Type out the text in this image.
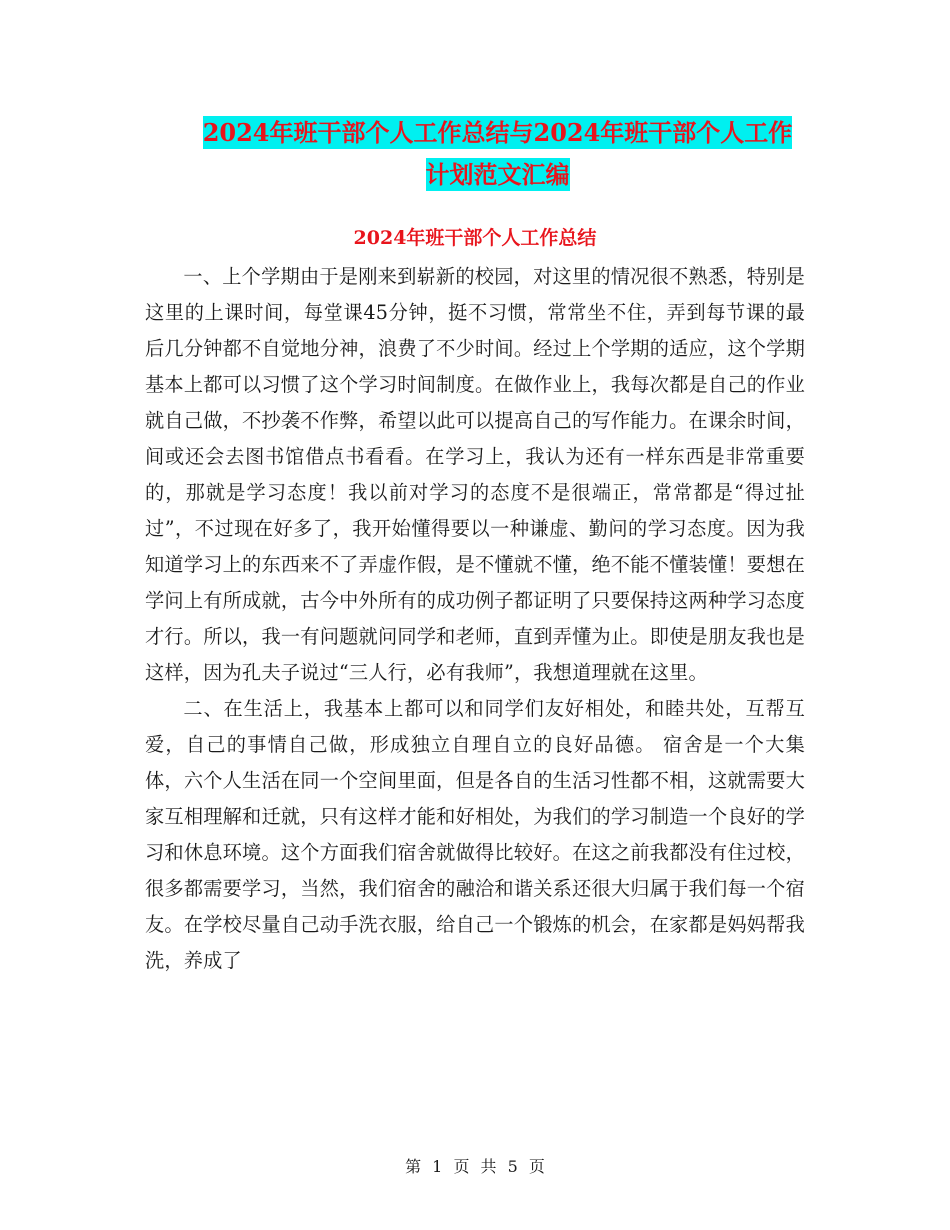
2024年班干部个人工作总结与2024年班干部个人工作
计划范文汇编
2024年班干部个人工作总结

一、上个学期由于是刚来到崭新的校园，对这里的情况很不熟悉，特别是这里的上课时间，每堂课45分钟，挺不习惯，常常坐不住，弄到每节课的最后几分钟都不自觉地分神，浪费了不少时间。经过上个学期的适应，这个学期基本上都可以习惯了这个学习时间制度。在做作业上，我每次都是自己的作业就自己做，不抄袭不作弊，希望以此可以提高自己的写作能力。在课余时间，间或还会去图书馆借点书看看。在学习上，我认为还有一样东西是非常重要的，那就是学习态度！我以前对学习的态度不是很端正，常常都是“得过扯过”，不过现在好多了，我开始懂得要以一种谦虚、勤问的学习态度。因为我知道学习上的东西来不了弄虚作假，是不懂就不懂，绝不能不懂装懂！要想在学问上有所成就，古今中外所有的成功例子都证明了只要保持这两种学习态度才行。所以，我一有问题就问同学和老师，直到弄懂为止。即使是朋友我也是这样，因为孔夫子说过“三人行，必有我师”，我想道理就在这里。

二、在生活上，我基本上都可以和同学们友好相处，和睦共处，互帮互爱，自己的事情自己做，形成独立自理自立的良好品德。 宿舍是一个大集体，六个人生活在同一个空间里面，但是各自的生活习性都不相，这就需要大家互相理解和迁就，只有这样才能和好相处，为我们的学习制造一个良好的学习和休息环境。这个方面我们宿舍就做得比较好。在这之前我都没有住过校，很多都需要学习，当然，我们宿舍的融洽和谐关系还很大归属于我们每一个宿友。在学校尽量自己动手洗衣服，给自己一个锻炼的机会，在家都是妈妈帮我洗，养成了

第 1 页 共 5 页
